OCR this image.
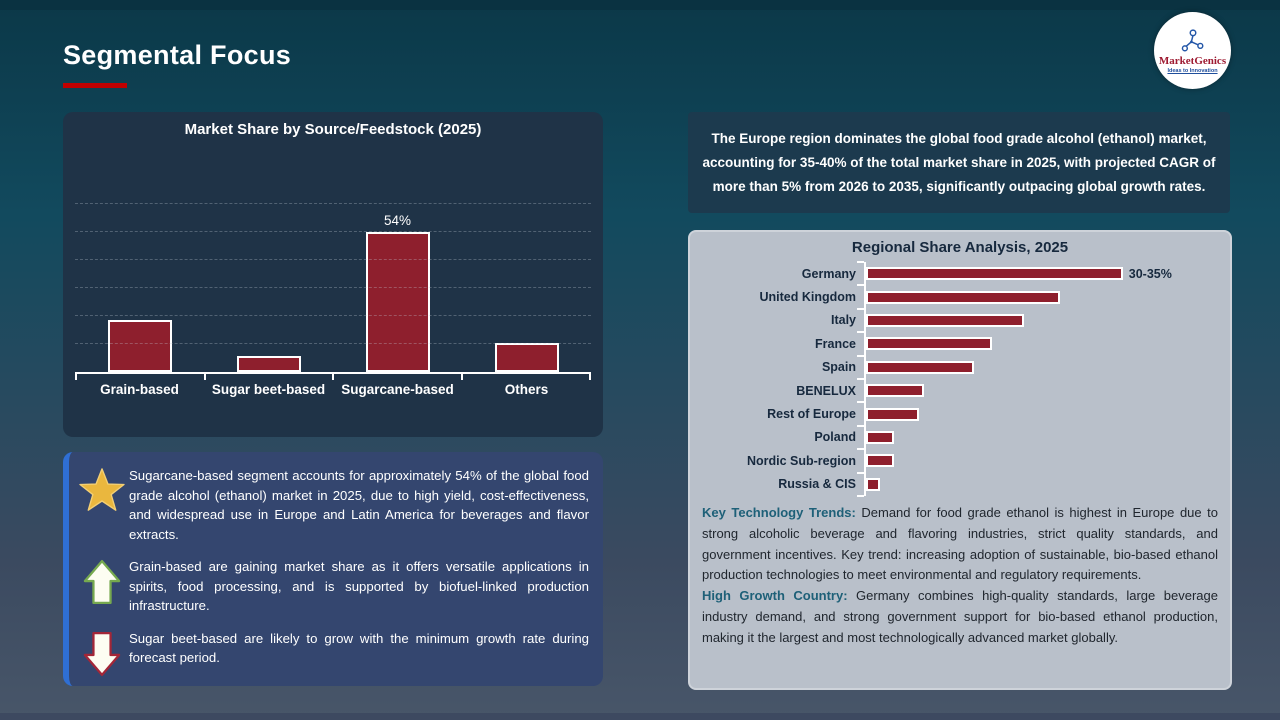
Segmental Focus	MarketGenics
Ideas to Innovation
Market Share by Source/Feedstock (2025)
54%
Grain-based	Sugar beet-based	Sugarcane-based	Others

The Europe region dominates the global food grade alcohol (ethanol) market, accounting for 35-40% of the total market share in 2025, with projected CAGR of more than 5% from 2026 to 2035, significantly outpacing global growth rates.

Regional Share Analysis, 2025
Germany	30-35%
United Kingdom
Italy
France
Spain
BENELUX
Rest of Europe
Poland
Nordic Sub-region
Russia & CIS

Key Technology Trends: Demand for food grade ethanol is highest in Europe due to strong alcoholic beverage and flavoring industries, strict quality standards, and government incentives. Key trend: increasing adoption of sustainable, bio-based ethanol production technologies to meet environmental and regulatory requirements.

High Growth Country: Germany combines high-quality standards, large beverage industry demand, and strong government support for bio-based ethanol production, making it the largest and most technologically advanced market globally.

Sugarcane-based segment accounts for approximately 54% of the global food grade alcohol (ethanol) market in 2025, due to high yield, cost-effectiveness, and widespread use in Europe and Latin America for beverages and flavor extracts.

Grain-based are gaining market share as it offers versatile applications in spirits, food processing, and is supported by biofuel-linked production infrastructure.

Sugar beet-based are likely to grow with the minimum growth rate during forecast period.
